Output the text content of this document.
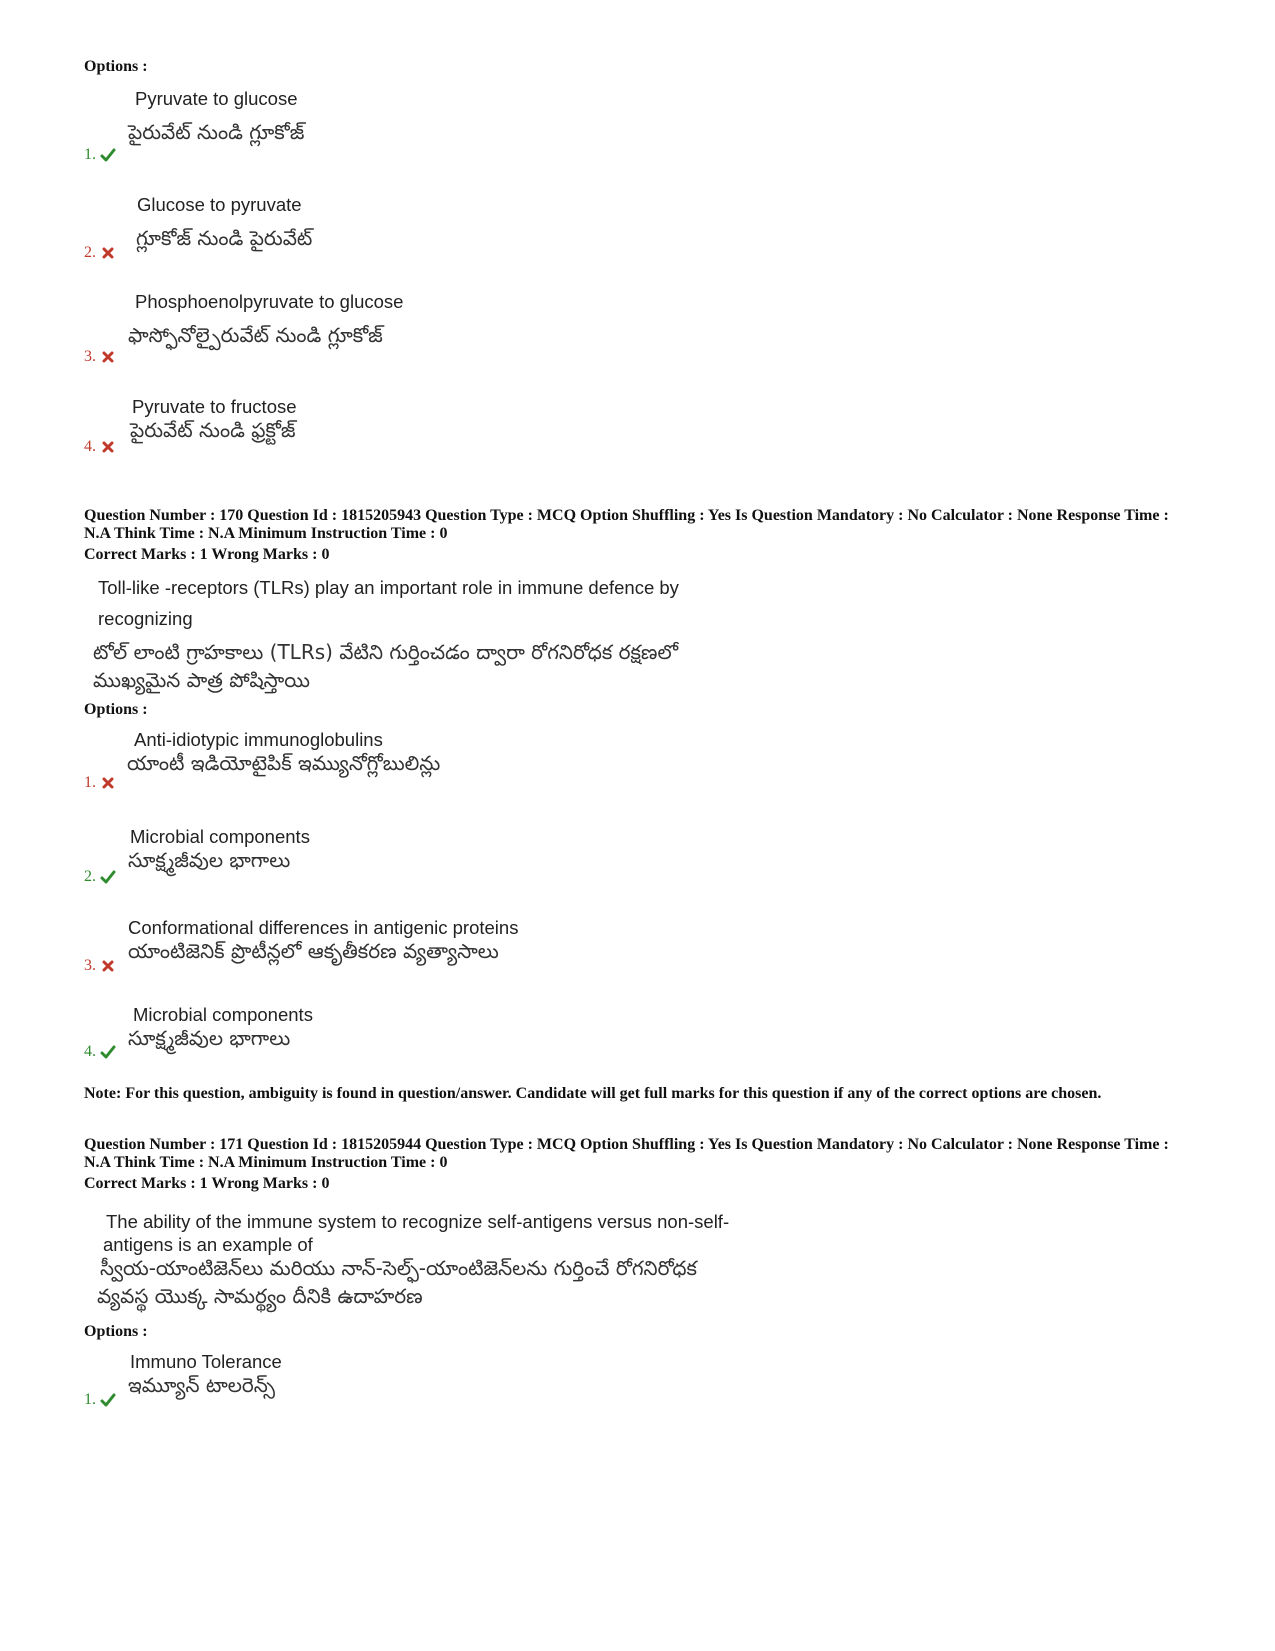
Options :
Pyruvate to glucose
పైరువేట్ నుండి గ్లూకోజ్
1.
Glucose to pyruvate
గ్లూకోజ్ నుండి పైరువేట్
2.
Phosphoenolpyruvate to glucose
ఫాస్ఫోనోల్పైరువేట్ నుండి గ్లూకోజ్
3.
Pyruvate to fructose
పైరువేట్ నుండి ఫ్రక్టోజ్
4.
Question Number : 170 Question Id : 1815205943 Question Type : MCQ Option Shuffling : Yes Is Question Mandatory : No Calculator : None Response Time : N.A Think Time : N.A Minimum Instruction Time : 0
Correct Marks : 1 Wrong Marks : 0
Toll-like -receptors (TLRs) play an important role in immune defence by
recognizing
టోల్ లాంటి గ్రాహకాలు (TLRs) వేటిని గుర్తించడం ద్వారా రోగనిరోధక రక్షణలో
ముఖ్యమైన పాత్ర పోషిస్తాయి
Options :
Anti-idiotypic immunoglobulins
యాంటీ ఇడియోటైపిక్ ఇమ్యునోగ్లోబులిన్లు
1.
Microbial components
సూక్ష్మజీవుల భాగాలు
2.
Conformational differences in antigenic proteins
యాంటిజెనిక్ ప్రొటీన్లలో ఆకృతీకరణ వ్యత్యాసాలు
3.
Microbial components
సూక్ష్మజీవుల భాగాలు
4.
Note: For this question, ambiguity is found in question/answer. Candidate will get full marks for this question if any of the correct options are chosen.
Question Number : 171 Question Id : 1815205944 Question Type : MCQ Option Shuffling : Yes Is Question Mandatory : No Calculator : None Response Time : N.A Think Time : N.A Minimum Instruction Time : 0
Correct Marks : 1 Wrong Marks : 0
The ability of the immune system to recognize self-antigens versus non-self-
antigens is an example of
స్వీయ-యాంటిజెన్‌లు మరియు నాన్-సెల్ఫ్-యాంటిజెన్‌లను గుర్తించే రోగనిరోధక
వ్యవస్థ యొక్క సామర్థ్యం దీనికి ఉదాహరణ
Options :
Immuno Tolerance
ఇమ్యూన్ టాలరెన్స్
1.
